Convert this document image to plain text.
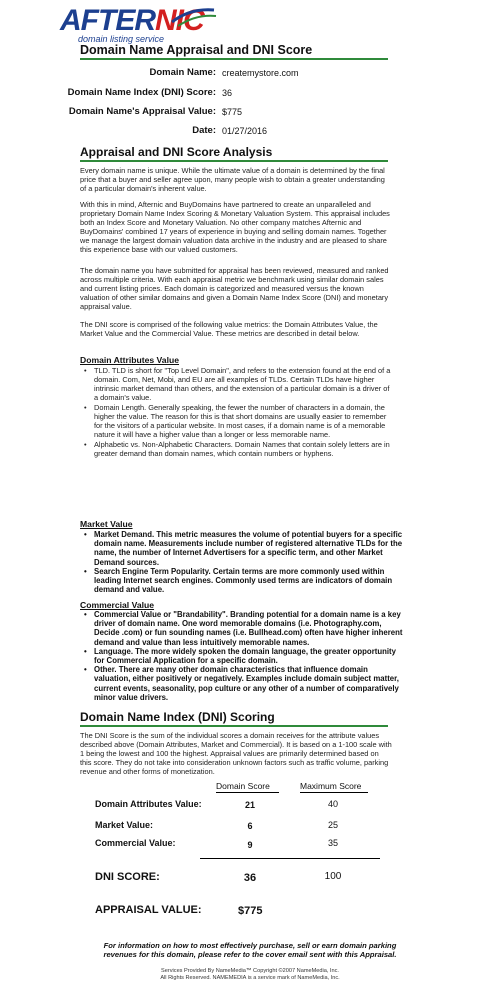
AFTERNIC
domain listing service
Domain Name Appraisal and DNI Score
Domain Name: createmystore.com
Domain Name Index (DNI) Score: 36
Domain Name's Appraisal Value: $775
Date: 01/27/2016
Appraisal and DNI Score Analysis
Every domain name is unique. While the ultimate value of a domain is determined by the final price that a buyer and seller agree upon, many people wish to obtain a greater understanding of a particular domain's inherent value.
With this in mind, Afternic and BuyDomains have partnered to create an unparalleled and proprietary Domain Name Index Scoring & Monetary Valuation System. This appraisal includes both an Index Score and Monetary Valuation. No other company matches Afternic and BuyDomains' combined 17 years of experience in buying and selling domain names. Together we manage the largest domain valuation data archive in the industry and are pleased to share this experience base with our valued customers.
The domain name you have submitted for appraisal has been reviewed, measured and ranked across multiple criteria. With each appraisal metric we benchmark using similar domain sales and current listing prices. Each domain is categorized and measured versus the known valuation of other similar domains and given a Domain Name Index Score (DNI) and monetary appraisal value.
The DNI score is comprised of the following value metrics: the Domain Attributes Value, the Market Value and the Commercial Value. These metrics are described in detail below.
Domain Attributes Value
• TLD. TLD is short for "Top Level Domain", and refers to the extension found at the end of a domain. Com, Net, Mobi, and EU are all examples of TLDs. Certain TLDs have higher intrinsic market demand than others, and the extension of a particular domain is a driver of a domain's value.
• Domain Length. Generally speaking, the fewer the number of characters in a domain, the higher the value. The reason for this is that short domains are usually easier to remember for the visitors of a particular website. In most cases, if a domain name is of a memorable nature it will have a higher value than a longer or less memorable name.
• Alphabetic vs. Non-Alphabetic Characters. Domain Names that contain solely letters are in greater demand than domain names, which contain numbers or hyphens.
Market Value
• Market Demand. This metric measures the volume of potential buyers for a specific domain name. Measurements include number of registered alternative TLDs for the name, the number of Internet Advertisers for a specific term, and other Market Demand sources.
• Search Engine Term Popularity. Certain terms are more commonly used within leading Internet search engines. Commonly used terms are indicators of domain demand and value.
Commercial Value
• Commercial Value or "Brandability". Branding potential for a domain name is a key driver of domain name. One word memorable domains (i.e. Photography.com, Decide .com) or fun sounding names (i.e. Bullhead.com) often have higher inherent demand and value than less intuitively memorable names.
• Language. The more widely spoken the domain language, the greater opportunity for Commercial Application for a specific domain.
• Other. There are many other domain characteristics that influence domain valuation, either positively or negatively. Examples include domain subject matter, current events, seasonality, pop culture or any other of a number of comparatively minor value drivers.
Domain Name Index (DNI) Scoring
The DNI Score is the sum of the individual scores a domain receives for the attribute values described above (Domain Attributes, Market and Commercial). It is based on a 1-100 scale with 1 being the lowest and 100 the highest. Appraisal values are primarily determined based on this score. They do not take into consideration unknown factors such as traffic volume, parking revenue and other forms of monetization.
Domain Score	Maximum Score
Domain Attributes Value:	21	40
Market Value:	6	25
Commercial Value:	9	35
DNI SCORE:	36	100
APPRAISAL VALUE:	$775
For information on how to most effectively purchase, sell or earn domain parking
revenues for this domain, please refer to the cover email sent with this Appraisal.
Services Provided By NameMedia™ Copyright ©2007 NameMedia, Inc.
All Rights Reserved. NAMEMEDIA is a service mark of NameMedia, Inc.
